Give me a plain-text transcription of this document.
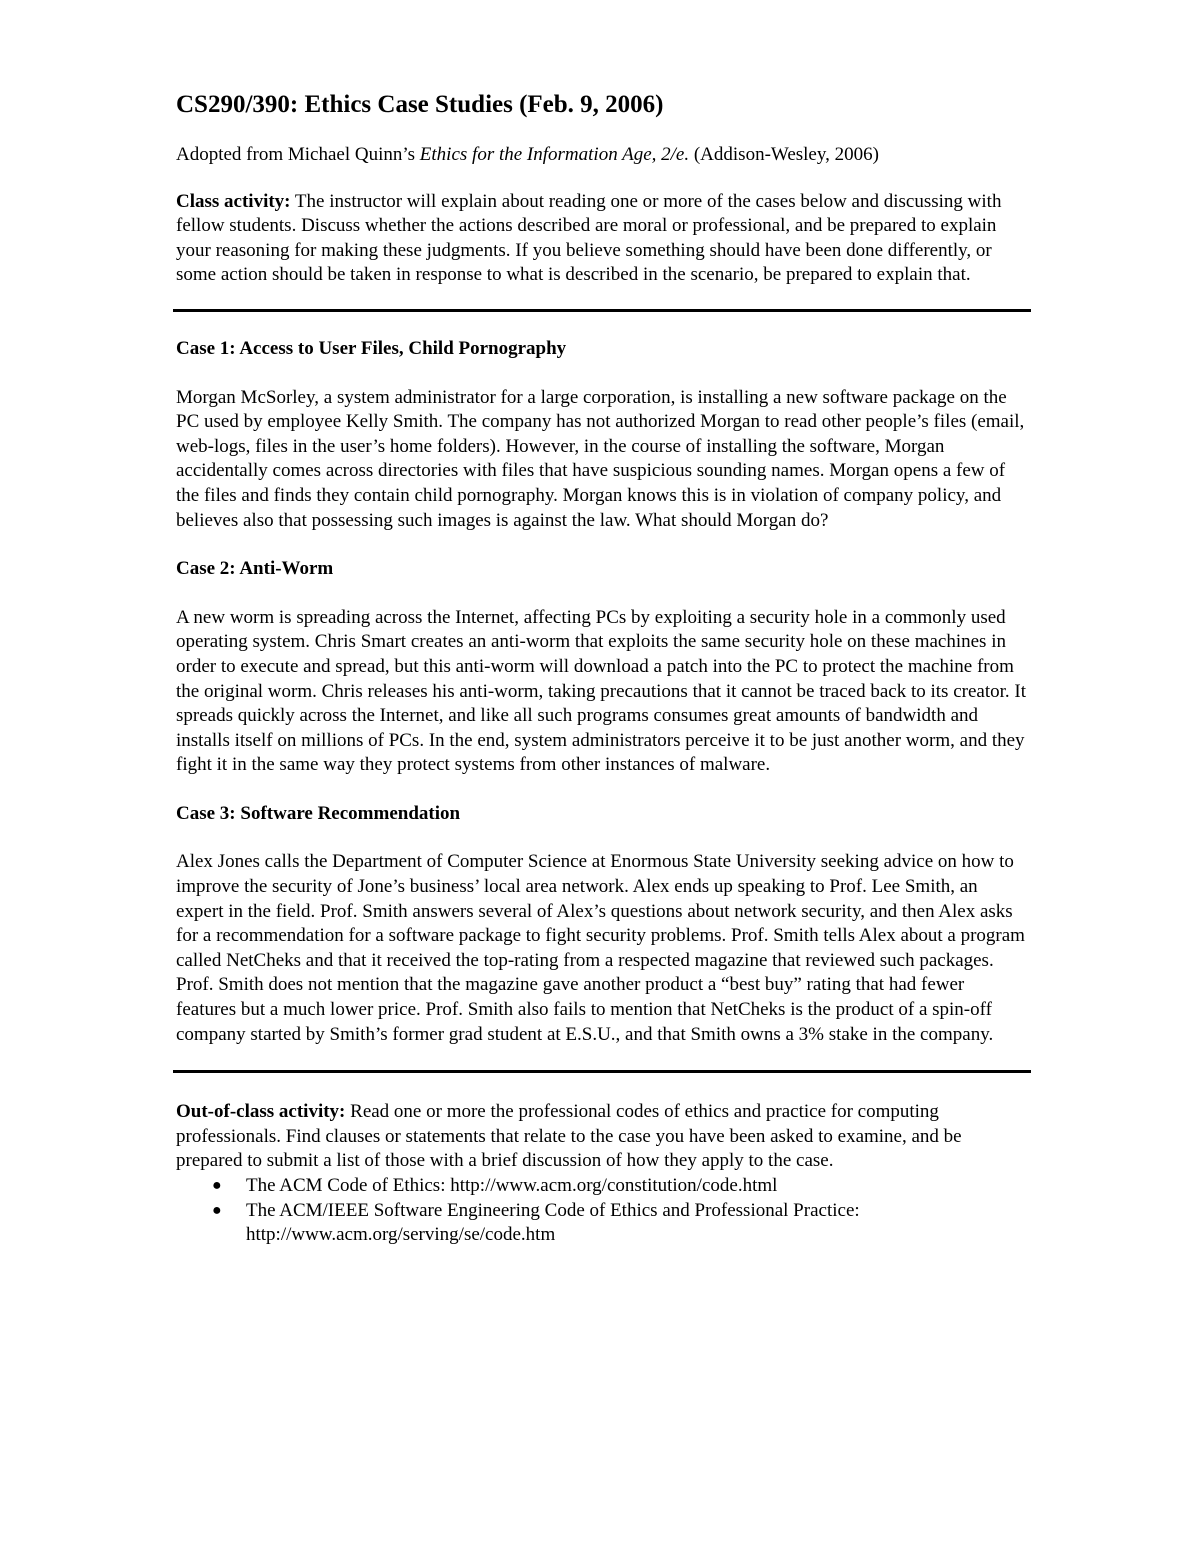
CS290/390: Ethics Case Studies (Feb. 9, 2006)

Adopted from Michael Quinn’s Ethics for the Information Age, 2/e. (Addison-Wesley, 2006)

Class activity: The instructor will explain about reading one or more of the cases below and discussing with fellow students. Discuss whether the actions described are moral or professional, and be prepared to explain your reasoning for making these judgments. If you believe something should have been done differently, or some action should be taken in response to what is described in the scenario, be prepared to explain that.

Case 1: Access to User Files, Child Pornography

Morgan McSorley, a system administrator for a large corporation, is installing a new software package on the PC used by employee Kelly Smith. The company has not authorized Morgan to read other people’s files (email, web-logs, files in the user’s home folders). However, in the course of installing the software, Morgan accidentally comes across directories with files that have suspicious sounding names. Morgan opens a few of the files and finds they contain child pornography. Morgan knows this is in violation of company policy, and believes also that possessing such images is against the law. What should Morgan do?

Case 2: Anti-Worm

A new worm is spreading across the Internet, affecting PCs by exploiting a security hole in a commonly used operating system. Chris Smart creates an anti-worm that exploits the same security hole on these machines in order to execute and spread, but this anti-worm will download a patch into the PC to protect the machine from the original worm. Chris releases his anti-worm, taking precautions that it cannot be traced back to its creator. It spreads quickly across the Internet, and like all such programs consumes great amounts of bandwidth and installs itself on millions of PCs. In the end, system administrators perceive it to be just another worm, and they fight it in the same way they protect systems from other instances of malware.

Case 3: Software Recommendation

Alex Jones calls the Department of Computer Science at Enormous State University seeking advice on how to improve the security of Jone’s business’ local area network. Alex ends up speaking to Prof. Lee Smith, an expert in the field. Prof. Smith answers several of Alex’s questions about network security, and then Alex asks for a recommendation for a software package to fight security problems. Prof. Smith tells Alex about a program called NetCheks and that it received the top-rating from a respected magazine that reviewed such packages. Prof. Smith does not mention that the magazine gave another product a “best buy” rating that had fewer features but a much lower price. Prof. Smith also fails to mention that NetCheks is the product of a spin-off company started by Smith’s former grad student at E.S.U., and that Smith owns a 3% stake in the company.

Out-of-class activity: Read one or more the professional codes of ethics and practice for computing professionals. Find clauses or statements that relate to the case you have been asked to examine, and be prepared to submit a list of those with a brief discussion of how they apply to the case.

● The ACM Code of Ethics: http://www.acm.org/constitution/code.html
● The ACM/IEEE Software Engineering Code of Ethics and Professional Practice: http://www.acm.org/serving/se/code.htm
